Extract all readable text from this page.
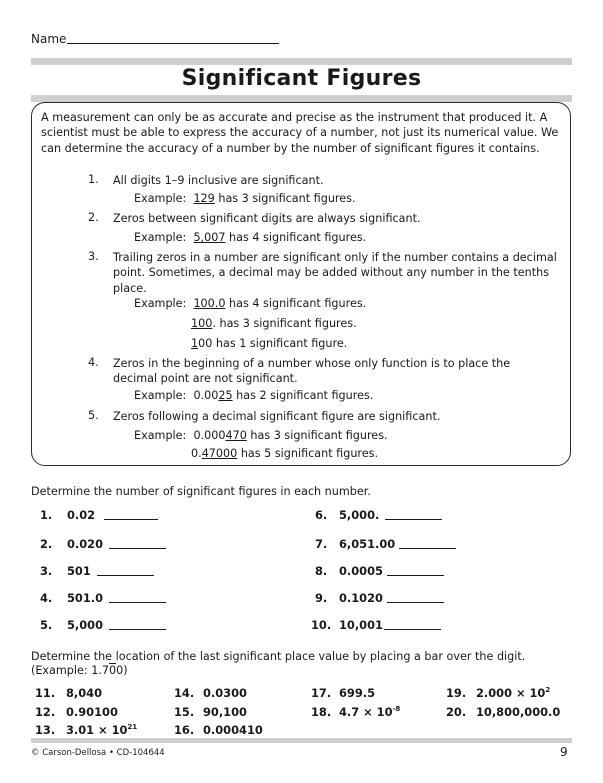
Name
Significant Figures
A measurement can only be as accurate and precise as the instrument that produced it. A scientist must be able to express the accuracy of a number, not just its numerical value. We can determine the accuracy of a number by the number of significant figures it contains.
1.	All digits 1–9 inclusive are significant.
Example: 129 has 3 significant figures.
2.	Zeros between significant digits are always significant.
Example: 5,007 has 4 significant figures.
3.	Trailing zeros in a number are significant only if the number contains a decimal point. Sometimes, a decimal may be added without any number in the tenths place.
Example: 100.0 has 4 significant figures.
100. has 3 significant figures.
100 has 1 significant figure.
4.	Zeros in the beginning of a number whose only function is to place the decimal point are not significant.
Example: 0.0025 has 2 significant figures.
5.	Zeros following a decimal significant figure are significant.
Example: 0.000470 has 3 significant figures.
0.47000 has 5 significant figures.
Determine the number of significant figures in each number.
1. 0.02
2. 0.020
3. 501
4. 501.0
5. 5,000
6. 5,000.
7. 6,051.00
8. 0.0005
9. 0.1020
10. 10,001
Determine the location of the last significant place value by placing a bar over the digit.
(Example: 1.700)
11. 8,040
12. 0.90100
13. $3.01 \times 10^{21}$
14. 0.0300
15. 90,100
16. 0.000410
17. 699.5
18. $4.7 \times 10^{-8}$
19. $2.000 \times 10^2$
20. 10,800,000.0
© Carson-Dellosa • CD-104644	9
